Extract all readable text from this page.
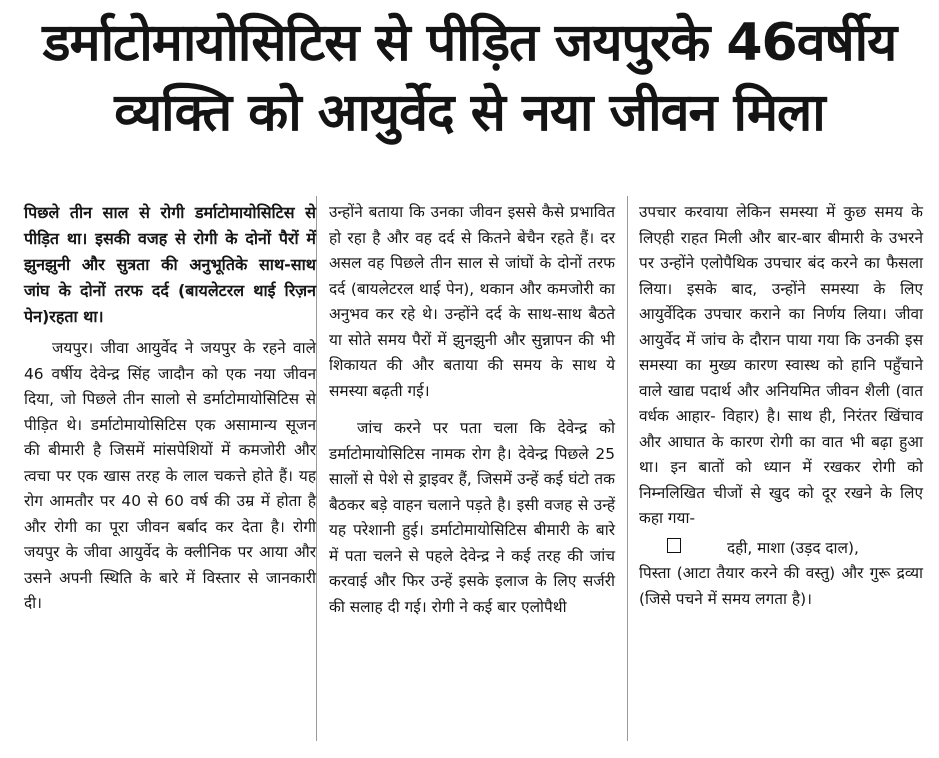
डर्माटोमायोसिटिस से पीड़ित जयपुरके 46वर्षीय
व्यक्ति को आयुर्वेद से नया जीवन मिला

पिछले तीन साल से रोगी डर्माटोमायोसिटिस से पीड़ित था। इसकी वजह से रोगी के दोनों पैरों में झुनझुनी और सुत्रता की अनुभूतिके साथ-साथ जांघ के दोनों तरफ दर्द (बायलेटरल थाई रिज़न पेन)रहता था।

जयपुर। जीवा आयुर्वेद ने जयपुर के रहने वाले 46 वर्षीय देवेन्द्र सिंह जादौन को एक नया जीवन दिया, जो पिछले तीन सालो से डर्माटोमायोसिटिस से पीड़ित थे। डर्माटोमायोसिटिस एक असामान्य सूजन की बीमारी है जिसमें मांसपेशियों में कमजोरी और त्वचा पर एक खास तरह के लाल चकत्ते होते हैं। यह रोग आमतौर पर 40 से 60 वर्ष की उम्र में होता है और रोगी का पूरा जीवन बर्बाद कर देता है। रोगी जयपुर के जीवा आयुर्वेद के क्लीनिक पर आया और उसने अपनी स्थिति के बारे में विस्तार से जानकारी दी।

उन्होंने बताया कि उनका जीवन इससे कैसे प्रभावित हो रहा है और वह दर्द से कितने बेचैन रहते हैं। दर असल वह पिछले तीन साल से जांघों के दोनों तरफ दर्द (बायलेटरल थाई पेन), थकान और कमजोरी का अनुभव कर रहे थे। उन्होंने दर्द के साथ-साथ बैठते या सोते समय पैरों में झुनझुनी और सुन्नापन की भी शिकायत की और बताया की समय के साथ ये समस्या बढ़ती गई।

जांच करने पर पता चला कि देवेन्द्र को डर्माटोमायोसिटिस नामक रोग है। देवेन्द्र पिछले 25 सालों से पेशे से ड्राइवर हैं, जिसमें उन्हें कई घंटो तक बैठकर बड़े वाहन चलाने पड़ते है। इसी वजह से उन्हें यह परेशानी हुई। डर्माटोमायोसिटिस बीमारी के बारे में पता चलने से पहले देवेन्द्र ने कई तरह की जांच करवाई और फिर उन्हें इसके इलाज के लिए सर्जरी की सलाह दी गई। रोगी ने कई बार एलोपैथी

उपचार करवाया लेकिन समस्या में कुछ समय के लिएही राहत मिली और बार-बार बीमारी के उभरने पर उन्होंने एलोपैथिक उपचार बंद करने का फैसला लिया। इसके बाद, उन्होंने समस्या के लिए आयुर्वेदिक उपचार कराने का निर्णय लिया। जीवा आयुर्वेद में जांच के दौरान पाया गया कि उनकी इस समस्या का मुख्य कारण स्वास्थ को हानि पहुँचाने वाले खाद्य पदार्थ और अनियमित जीवन शैली (वात वर्धक आहार- विहार) है। साथ ही, निरंतर खिंचाव और आघात के कारण रोगी का वात भी बढ़ा हुआ था। इन बातों को ध्यान में रखकर रोगी को निम्नलिखित चीजों से खुद को दूर रखने के लिए कहा गया-

दही, माशा (उड़द दाल),

पिस्ता (आटा तैयार करने की वस्तु) और गुरू द्रव्या (जिसे पचने में समय लगता है)।
